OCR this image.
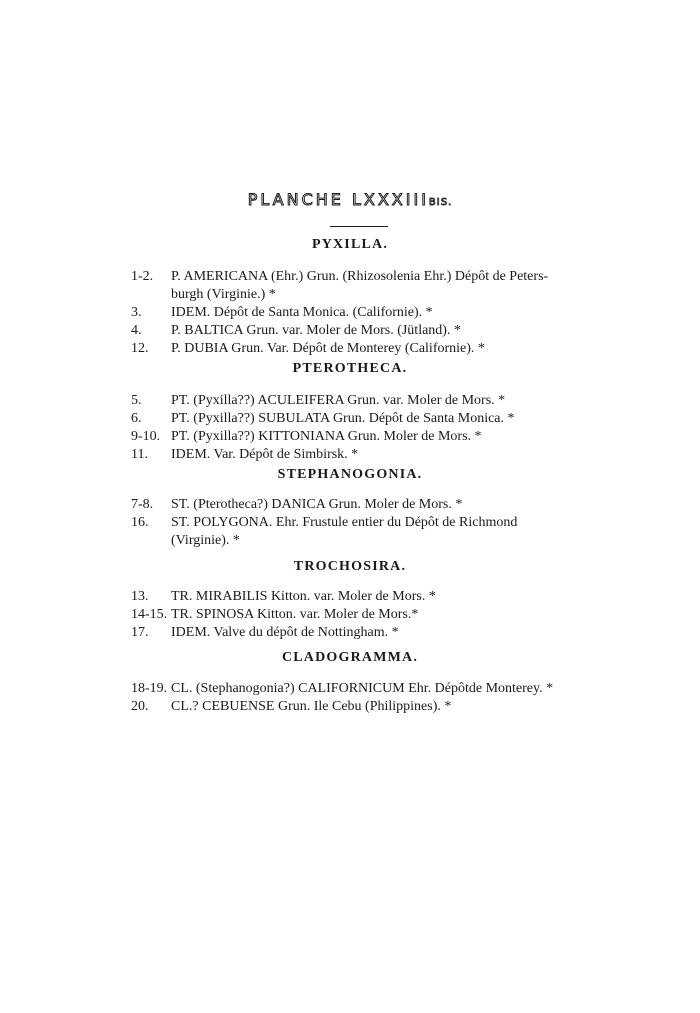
PLANCHE LXXXIIIBIS.
PYXILLA.
1-2.	P. AMERICANA (Ehr.) Grun. (Rhizosolenia Ehr.) Dépôt de Peters-
burgh (Virginie.) *
3.	IDEM. Dépôt de Santa Monica. (Californie). *
4.	P. BALTICA Grun. var. Moler de Mors. (Jütland). *
12.	P. DUBIA Grun. Var. Dépôt de Monterey (Californie). *
PTEROTHECA.
5.	PT. (Pyxilla??) ACULEIFERA Grun. var. Moler de Mors. *
6.	PT. (Pyxilla??) SUBULATA Grun. Dépôt de Santa Monica. *
9-10. PT. (Pyxilla??) KITTONIANA Grun. Moler de Mors. *
11.	IDEM. Var. Dépôt de Simbirsk. *
STEPHANOGONIA.
7-8.	ST. (Pterotheca?) DANICA Grun. Moler de Mors. *
16.	ST. POLYGONA. Ehr. Frustule entier du Dépôt de Richmond
(Virginie). *
TROCHOSIRA.
13.	TR. MIRABILIS Kitton. var. Moler de Mors. *
14-15. TR. SPINOSA Kitton. var. Moler de Mors.*
17.	IDEM. Valve du dépôt de Nottingham. *
CLADOGRAMMA.
18-19. CL. (Stephanogonia?) CALIFORNICUM Ehr. Dépôtde Monterey. *
20.	CL.? CEBUENSE Grun. Ile Cebu (Philippines). *
